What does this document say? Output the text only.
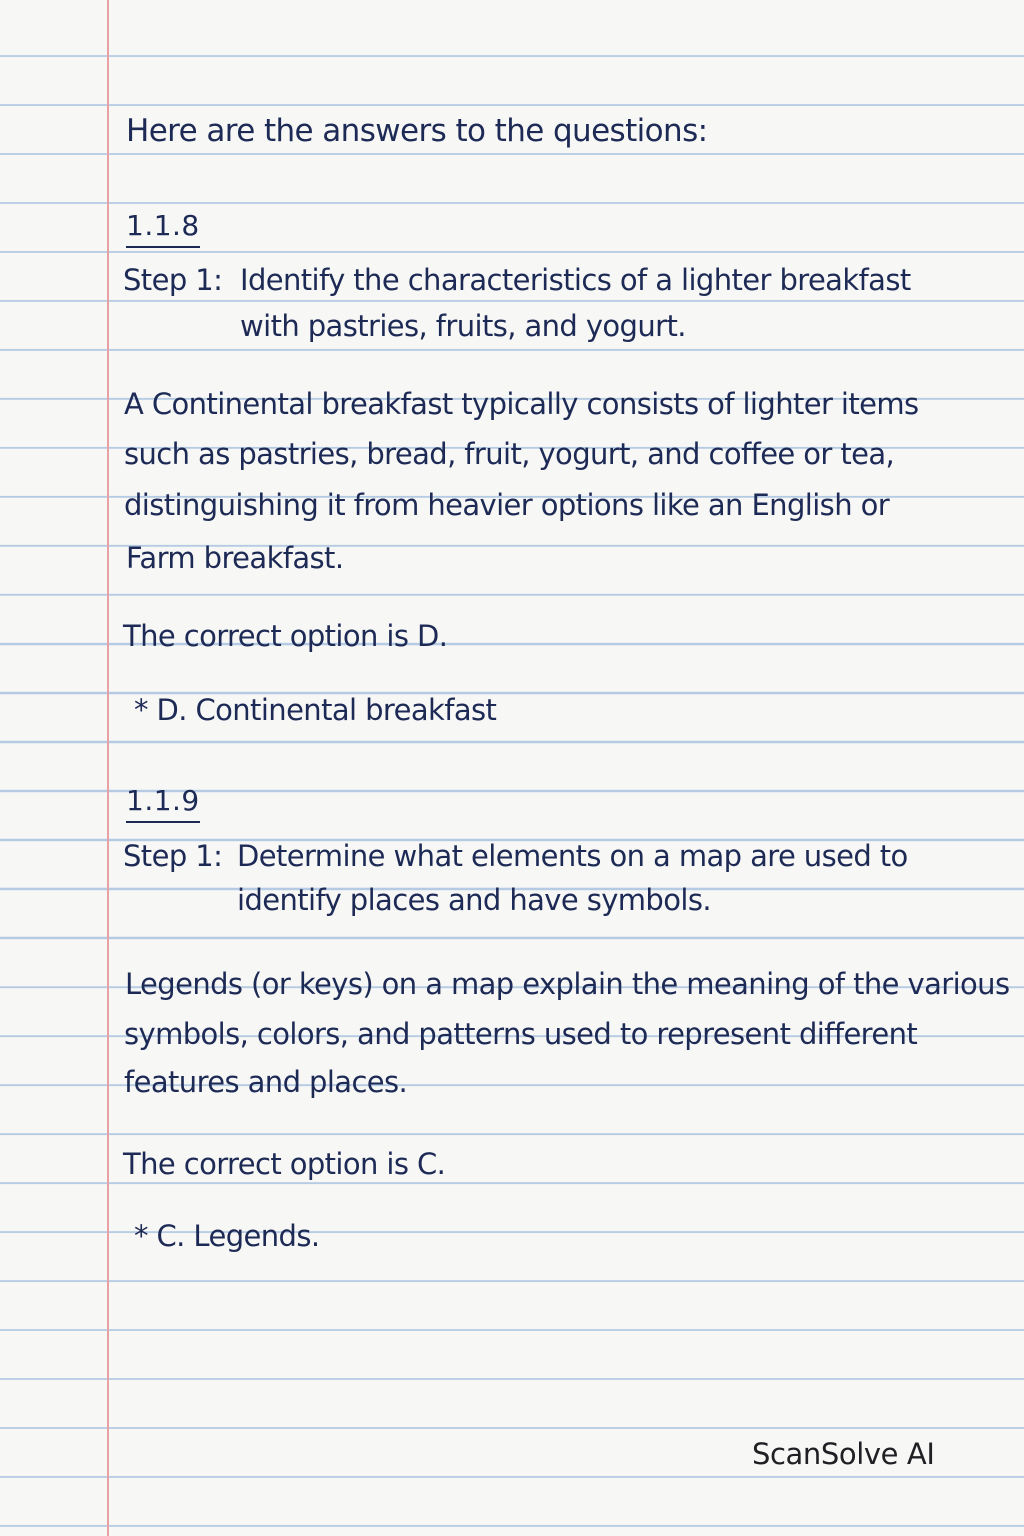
Here are the answers to the questions:

1.1.8

Step 1: Identify the characteristics of a lighter breakfast

with pastries, fruits, and yogurt.

A Continental breakfast typically consists of lighter items

such as pastries, bread, fruit, yogurt, and coffee or tea,

distinguishing it from heavier options like an English or

Farm breakfast.

The correct option is D.

* D. Continental breakfast

1.1.9

Step 1: Determine what elements on a map are used to

identify places and have symbols.

Legends (or keys) on a map explain the meaning of the various

symbols, colors, and patterns used to represent different

features and places.

The correct option is C.

* C. Legends.

ScanSolve AI
